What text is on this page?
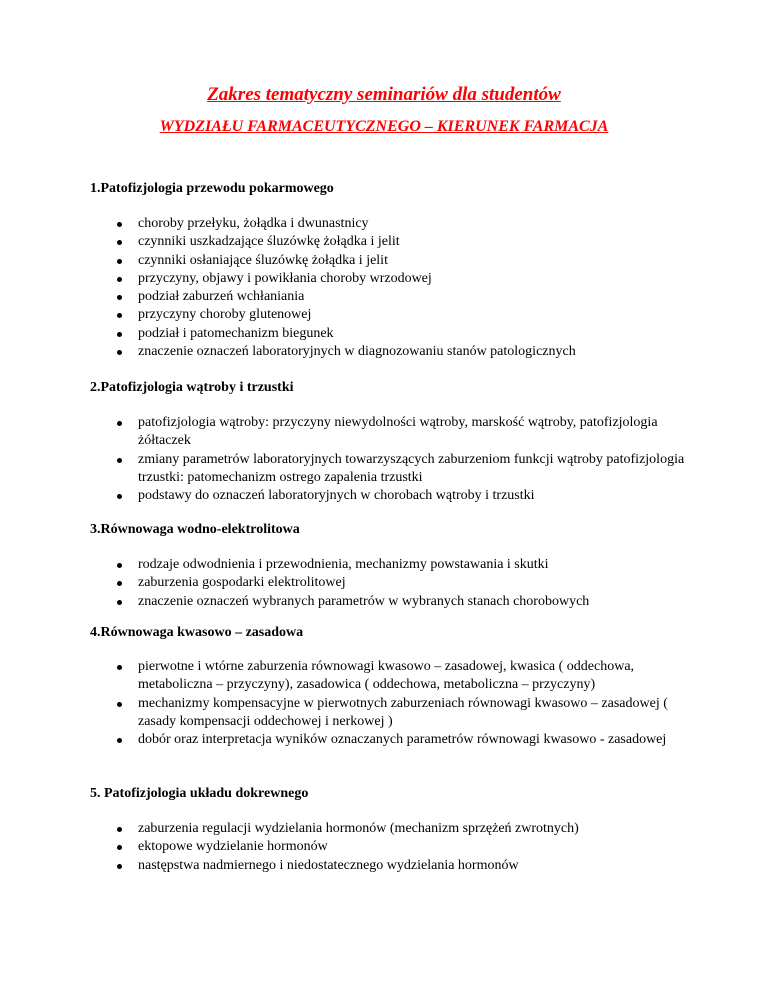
Zakres tematyczny seminariów dla studentów
WYDZIAŁU FARMACEUTYCZNEGO – KIERUNEK FARMACJA

1.Patofizjologia przewodu pokarmowego

choroby przełyku, żołądka i dwunastnicy
czynniki uszkadzające śluzówkę żołądka i jelit
czynniki osłaniające śluzówkę żołądka i jelit
przyczyny, objawy i powikłania choroby wrzodowej
podział zaburzeń wchłaniania
przyczyny choroby glutenowej
podział i patomechanizm biegunek
znaczenie oznaczeń laboratoryjnych w diagnozowaniu stanów patologicznych

2.Patofizjologia wątroby i trzustki

patofizjologia wątroby: przyczyny niewydolności wątroby, marskość wątroby, patofizjologia żółtaczek
zmiany parametrów laboratoryjnych towarzyszących zaburzeniom funkcji wątroby patofizjologia trzustki: patomechanizm ostrego zapalenia trzustki
podstawy do oznaczeń laboratoryjnych w chorobach wątroby i trzustki

3.Równowaga wodno-elektrolitowa

rodzaje odwodnienia i przewodnienia, mechanizmy powstawania i skutki
zaburzenia gospodarki elektrolitowej
znaczenie oznaczeń wybranych parametrów w wybranych stanach chorobowych

4.Równowaga kwasowo – zasadowa

pierwotne i wtórne zaburzenia równowagi kwasowo – zasadowej, kwasica ( oddechowa, metaboliczna – przyczyny), zasadowica ( oddechowa, metaboliczna – przyczyny)
mechanizmy kompensacyjne w pierwotnych zaburzeniach równowagi kwasowo – zasadowej ( zasady kompensacji oddechowej i nerkowej )
dobór oraz interpretacja wyników oznaczanych parametrów równowagi kwasowo - zasadowej

5. Patofizjologia układu dokrewnego

zaburzenia regulacji wydzielania hormonów (mechanizm sprzężeń zwrotnych)
ektopowe wydzielanie hormonów
następstwa nadmiernego i niedostatecznego wydzielania hormonów
